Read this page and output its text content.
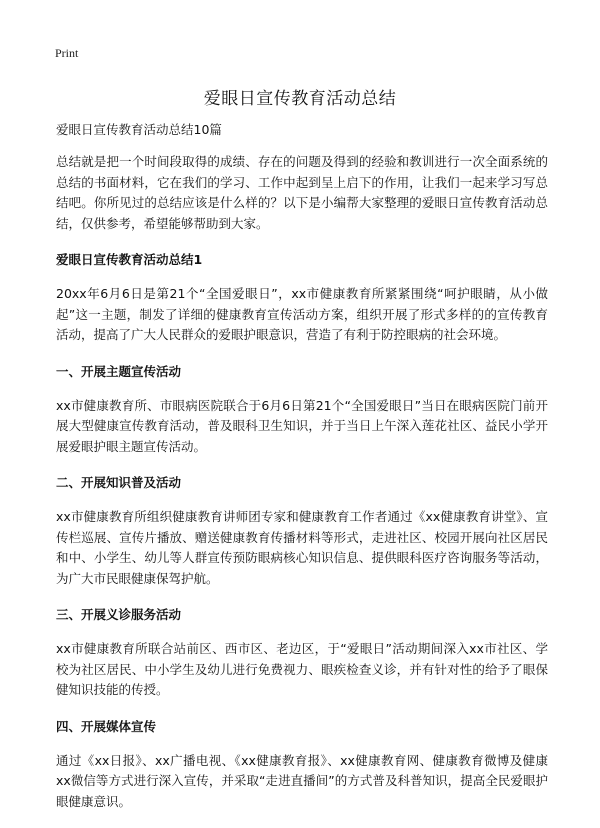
Print
爱眼日宣传教育活动总结
爱眼日宣传教育活动总结10篇

总结就是把一个时间段取得的成绩、存在的问题及得到的经验和教训进行一次全面系统的总结的书面材料，它在我们的学习、工作中起到呈上启下的作用，让我们一起来学习写总结吧。你所见过的总结应该是什么样的？以下是小编帮大家整理的爱眼日宣传教育活动总结，仅供参考，希望能够帮助到大家。

爱眼日宣传教育活动总结1

20xx年6月6日是第21个“全国爱眼日”，xx市健康教育所紧紧围绕“呵护眼睛，从小做起”这一主题，制发了详细的健康教育宣传活动方案，组织开展了形式多样的的宣传教育活动，提高了广大人民群众的爱眼护眼意识，营造了有利于防控眼病的社会环境。

一、开展主题宣传活动

xx市健康教育所、市眼病医院联合于6月6日第21个“全国爱眼日”当日在眼病医院门前开展大型健康宣传教育活动，普及眼科卫生知识，并于当日上午深入莲花社区、益民小学开展爱眼护眼主题宣传活动。

二、开展知识普及活动

xx市健康教育所组织健康教育讲师团专家和健康教育工作者通过《xx健康教育讲堂》、宣传栏巡展、宣传片播放、赠送健康教育传播材料等形式，走进社区、校园开展向社区居民和中、小学生、幼儿等人群宣传预防眼病核心知识信息、提供眼科医疗咨询服务等活动，为广大市民眼健康保驾护航。

三、开展义诊服务活动

xx市健康教育所联合站前区、西市区、老边区，于“爱眼日”活动期间深入xx市社区、学校为社区居民、中小学生及幼儿进行免费视力、眼疾检查义诊，并有针对性的给予了眼保健知识技能的传授。

四、开展媒体宣传

通过《xx日报》、xx广播电视、《xx健康教育报》、xx健康教育网、健康教育微博及健康xx微信等方式进行深入宣传，并采取“走进直播间”的方式普及科普知识，提高全民爱眼护眼健康意识。
